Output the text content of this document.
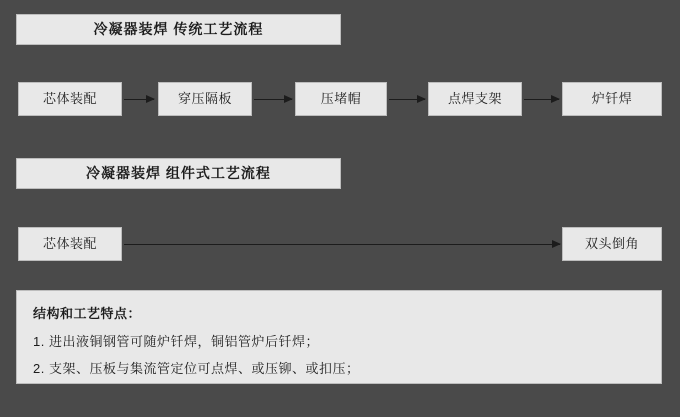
冷凝器装焊 传统工艺流程
芯体装配	穿压隔板	压堵帽	点焊支架	炉钎焊
冷凝器装焊 组件式工艺流程
芯体装配	双头倒角
结构和工艺特点：
1. 进出液铜钢管可随炉钎焊，铜铝管炉后钎焊；
2. 支架、压板与集流管定位可点焊、或压铆、或扣压；
